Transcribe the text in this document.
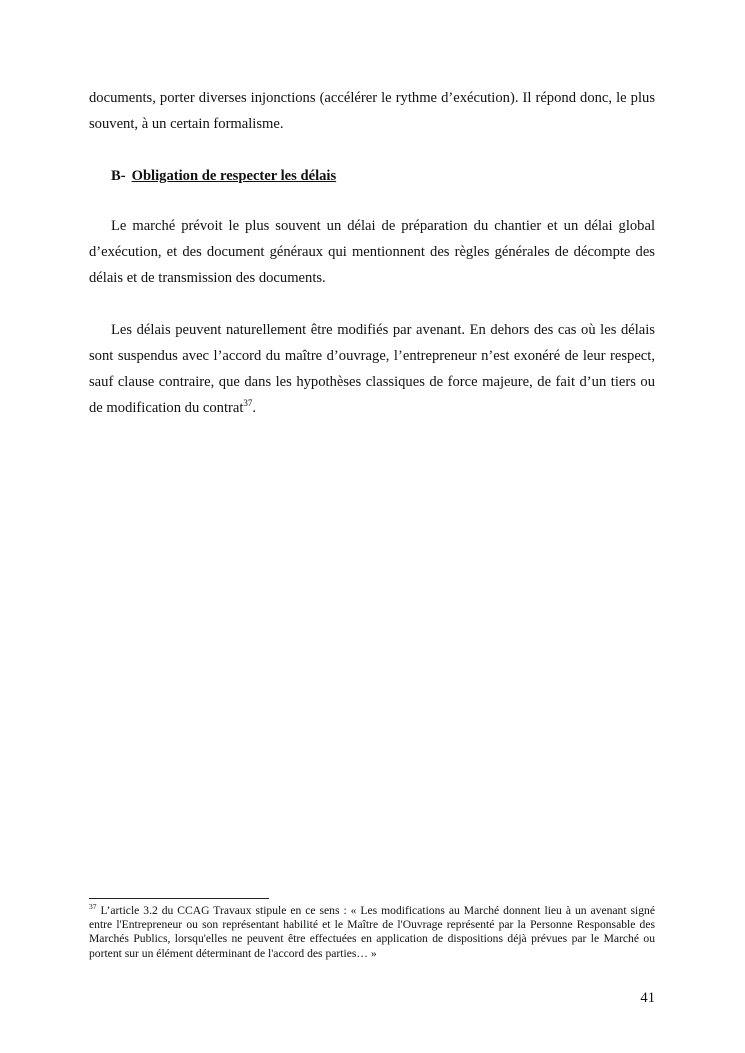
documents, porter diverses injonctions (accélérer le rythme d’exécution). Il répond donc, le plus souvent, à un certain formalisme.

B- Obligation de respecter les délais

Le marché prévoit le plus souvent un délai de préparation du chantier et un délai global d’exécution, et des document généraux qui mentionnent des règles générales de décompte des délais et de transmission des documents.

Les délais peuvent naturellement être modifiés par avenant. En dehors des cas où les délais sont suspendus avec l’accord du maître d’ouvrage, l’entrepreneur n’est exonéré de leur respect, sauf clause contraire, que dans les hypothèses classiques de force majeure, de fait d’un tiers ou de modification du contrat$^{37}$.

$^{37}$ L’article 3.2 du CCAG Travaux stipule en ce sens : « Les modifications au Marché donnent lieu à un avenant signé entre l'Entrepreneur ou son représentant habilité et le Maître de l'Ouvrage représenté par la Personne Responsable des Marchés Publics, lorsqu'elles ne peuvent être effectuées en application de dispositions déjà prévues par le Marché ou portent sur un élément déterminant de l'accord des parties… »

41
